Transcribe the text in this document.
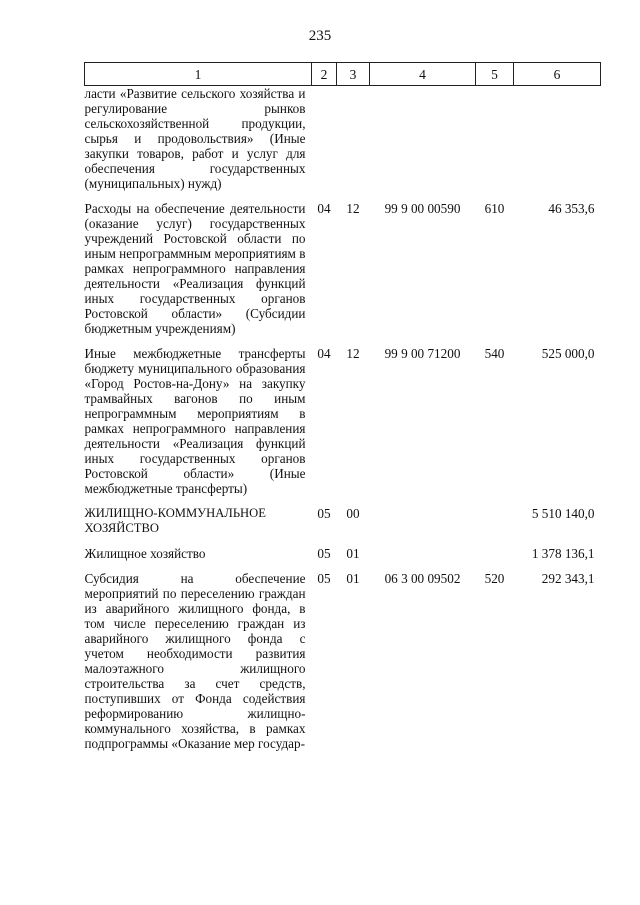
235
1	2	3	4	5	6
ласти «Развитие сельского хозяйства и регулирование рынков сельскохозяйственной продукции, сырья и продовольствия» (Иные закупки товаров, работ и услуг для обеспечения государственных (муниципальных) нужд)					
Расходы на обеспечение деятельности (оказание услуг) государственных учреждений Ростовской области по иным непрограммным мероприятиям в рамках непрограммного направления деятельности «Реализация функций иных государственных органов Ростовской области» (Субсидии бюджетным учреждениям)	04	12	99 9 00 00590	610	46 353,6
Иные межбюджетные трансферты бюджету муниципального образования «Город Ростов-на-Дону» на закупку трамвайных вагонов по иным непрограммным мероприятиям в рамках непрограммного направления деятельности «Реализация функций иных государственных органов Ростовской области» (Иные межбюджетные трансферты)	04	12	99 9 00 71200	540	525 000,0
ЖИЛИЩНО-КОММУНАЛЬНОЕ ХОЗЯЙСТВО	05	00			5 510 140,0
Жилищное хозяйство	05	01			1 378 136,1
Субсидия на обеспечение мероприятий по переселению граждан из аварийного жилищного фонда, в том числе переселению граждан из аварийного жилищного фонда с учетом необходимости развития малоэтажного жилищного строительства за счет средств, поступивших от Фонда содействия реформированию жилищно-коммунального хозяйства, в рамках подпрограммы «Оказание мер государ-	05	01	06 3 00 09502	520	292 343,1
